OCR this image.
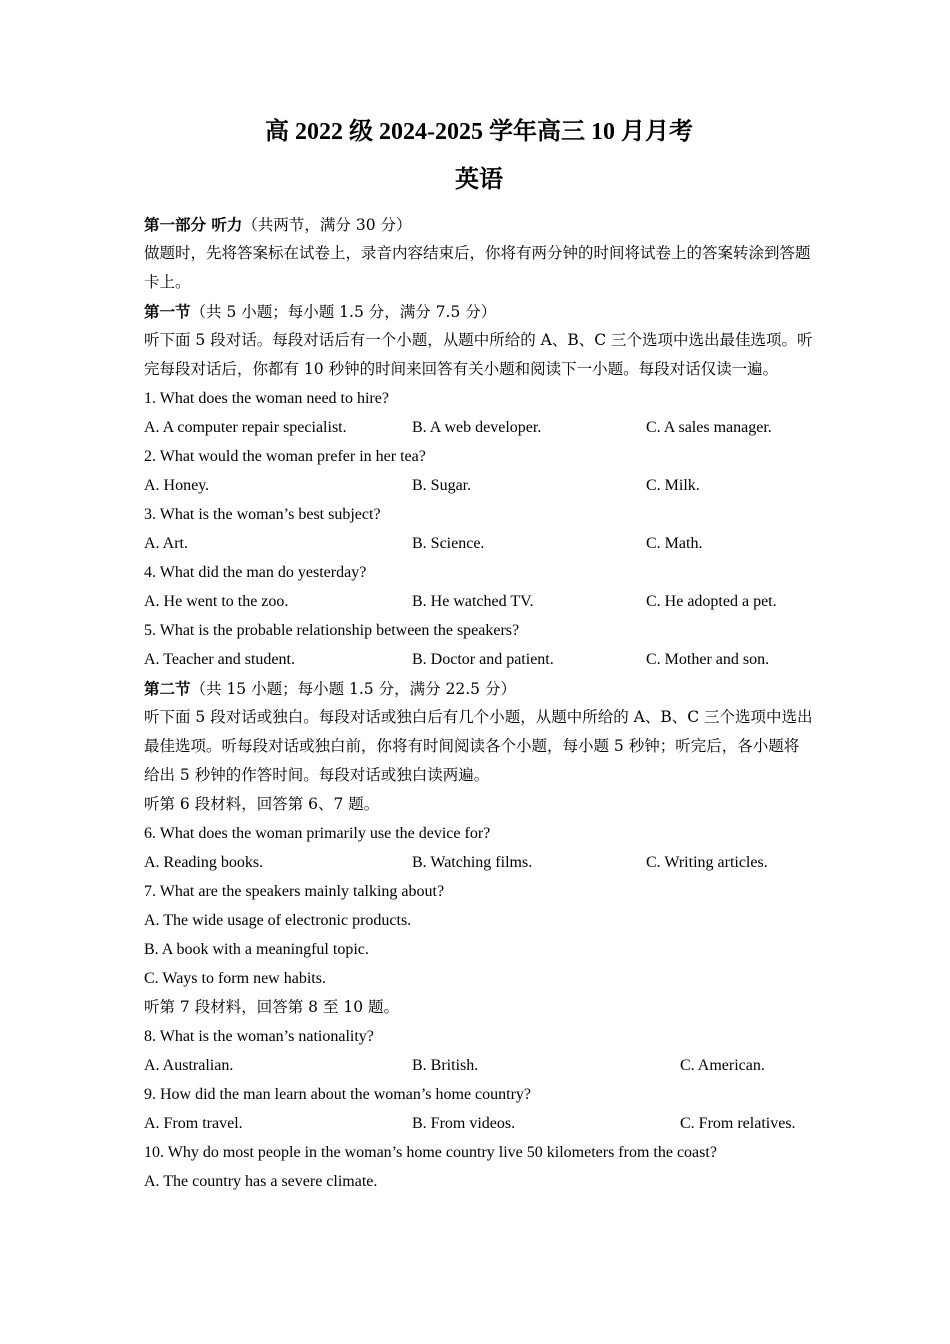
高 2022 级 2024-2025 学年高三 10 月月考
英语
第一部分 听力（共两节，满分 30 分）
做题时，先将答案标在试卷上，录音内容结束后，你将有两分钟的时间将试卷上的答案转涂到答题卡上。
第一节（共 5 小题；每小题 1.5 分，满分 7.5 分）
听下面 5 段对话。每段对话后有一个小题，从题中所给的 A、B、C 三个选项中选出最佳选项。听完每段对话后，你都有 10 秒钟的时间来回答有关小题和阅读下一小题。每段对话仅读一遍。
1. What does the woman need to hire?
A. A computer repair specialist.	B. A web developer.	C. A sales manager.
2. What would the woman prefer in her tea?
A. Honey.	B. Sugar.	C. Milk.
3. What is the woman’s best subject?
A. Art.	B. Science.	C. Math.
4. What did the man do yesterday?
A. He went to the zoo.	B. He watched TV.	C. He adopted a pet.
5. What is the probable relationship between the speakers?
A. Teacher and student.	B. Doctor and patient.	C. Mother and son.
第二节（共 15 小题；每小题 1.5 分，满分 22.5 分）
听下面 5 段对话或独白。每段对话或独白后有几个小题，从题中所给的 A、B、C 三个选项中选出最佳选项。听每段对话或独白前，你将有时间阅读各个小题，每小题 5 秒钟；听完后，各小题将给出 5 秒钟的作答时间。每段对话或独白读两遍。
听第 6 段材料，回答第 6、7 题。
6. What does the woman primarily use the device for?
A. Reading books.	B. Watching films.	C. Writing articles.
7. What are the speakers mainly talking about?
A. The wide usage of electronic products.
B. A book with a meaningful topic.
C. Ways to form new habits.
听第 7 段材料，回答第 8 至 10 题。
8. What is the woman’s nationality?
A. Australian.	B. British.	C. American.
9. How did the man learn about the woman’s home country?
A. From travel.	B. From videos.	C. From relatives.
10. Why do most people in the woman’s home country live 50 kilometers from the coast?
A. The country has a severe climate.
